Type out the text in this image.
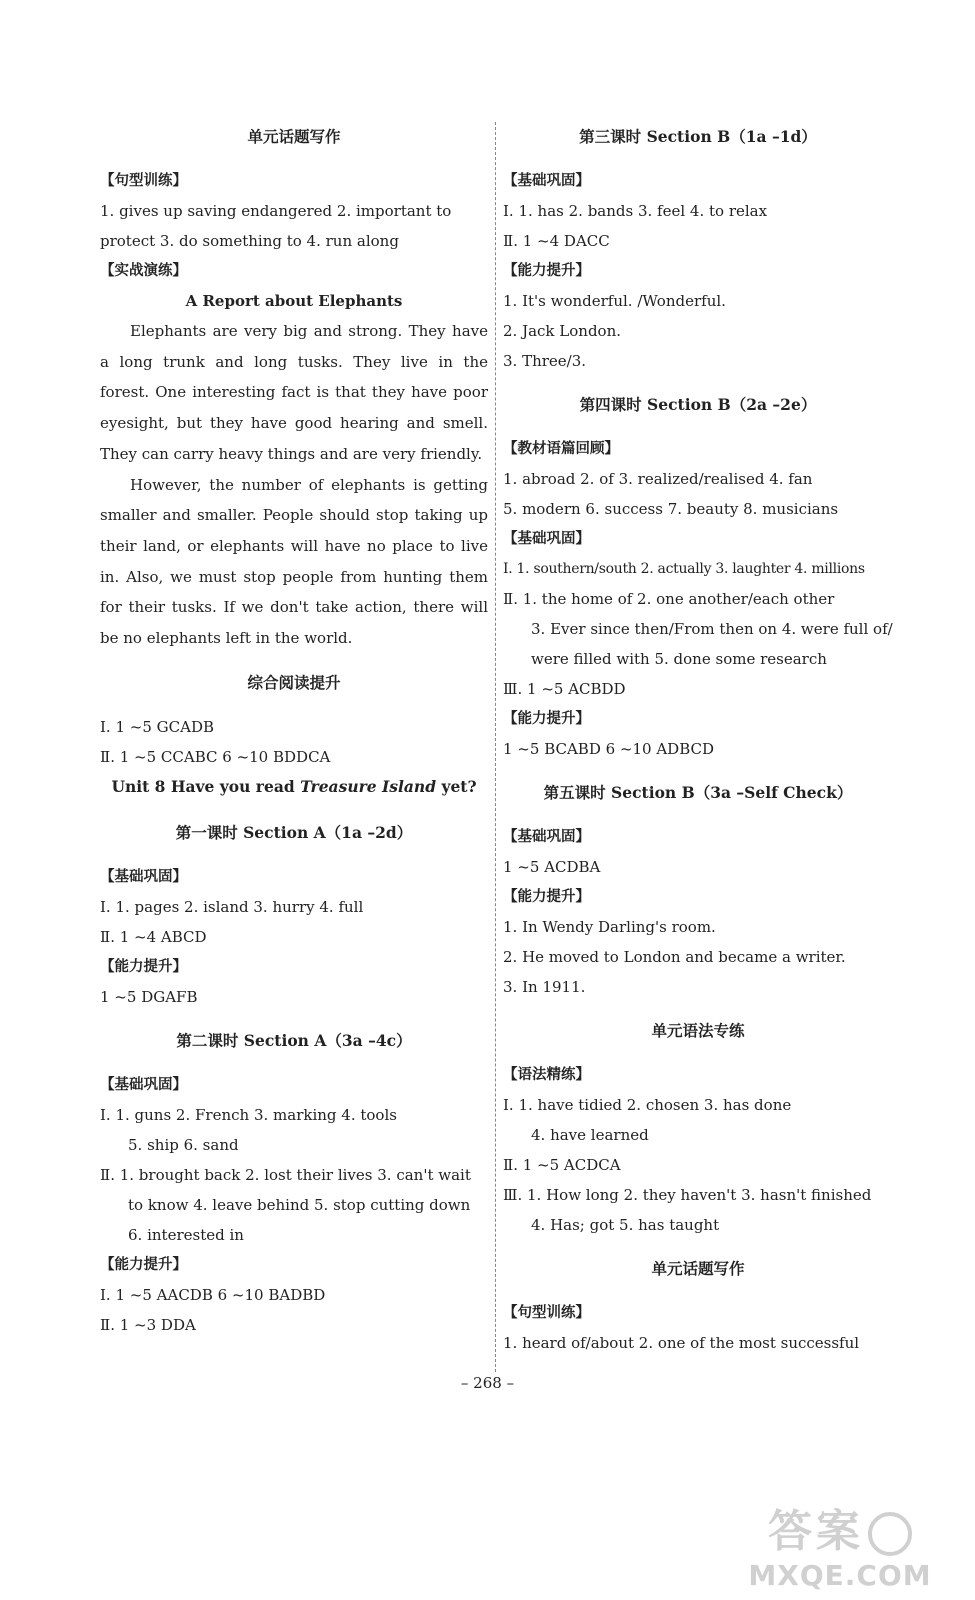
单元话题写作
【句型训练】
1. gives up saving endangered 2. important to
protect 3. do something to 4. run along
【实战演练】
A Report about Elephants

Elephants are very big and strong. They have a long trunk and long tusks. They live in the forest. One interesting fact is that they have poor eyesight, but they have good hearing and smell. They can carry heavy things and are very friendly.

However, the number of elephants is getting smaller and smaller. People should stop taking up their land, or elephants will have no place to live in. Also, we must stop people from hunting them for their tusks. If we don't take action, there will be no elephants left in the world.

综合阅读提升
Ⅰ. 1 ~5 GCADB
Ⅱ. 1 ~5 CCABC 6 ~10 BDDCA
Unit 8 Have you read Treasure Island yet?
第一课时 Section A（1a –2d）
【基础巩固】
Ⅰ. 1. pages 2. island 3. hurry 4. full
Ⅱ. 1 ~4 ABCD
【能力提升】
1 ~5 DGAFB
第二课时 Section A（3a –4c）
【基础巩固】
Ⅰ. 1. guns 2. French 3. marking 4. tools
5. ship 6. sand
Ⅱ. 1. brought back 2. lost their lives 3. can't wait
to know 4. leave behind 5. stop cutting down
6. interested in
【能力提升】
Ⅰ. 1 ~5 AACDB 6 ~10 BADBD
Ⅱ. 1 ~3 DDA
第三课时 Section B（1a –1d）
【基础巩固】
Ⅰ. 1. has 2. bands 3. feel 4. to relax
Ⅱ. 1 ~4 DACC
【能力提升】
1. It's wonderful. /Wonderful.
2. Jack London.
3. Three/3.
第四课时 Section B（2a –2e）
【教材语篇回顾】
1. abroad 2. of 3. realized/realised 4. fan
5. modern 6. success 7. beauty 8. musicians
【基础巩固】
Ⅰ. 1. southern/south 2. actually 3. laughter 4. millions
Ⅱ. 1. the home of 2. one another/each other
3. Ever since then/From then on 4. were full of/
were filled with 5. done some research
Ⅲ. 1 ~5 ACBDD
【能力提升】
1 ~5 BCABD 6 ~10 ADBCD
第五课时 Section B（3a –Self Check）
【基础巩固】
1 ~5 ACDBA
【能力提升】
1. In Wendy Darling's room.
2. He moved to London and became a writer.
3. In 1911.
单元语法专练
【语法精练】
Ⅰ. 1. have tidied 2. chosen 3. has done
4. have learned
Ⅱ. 1 ~5 ACDCA
Ⅲ. 1. How long 2. they haven't 3. hasn't finished
4. Has; got 5. has taught
单元话题写作
【句型训练】
1. heard of/about 2. one of the most successful
– 268 –
答案
MXQE.COM
